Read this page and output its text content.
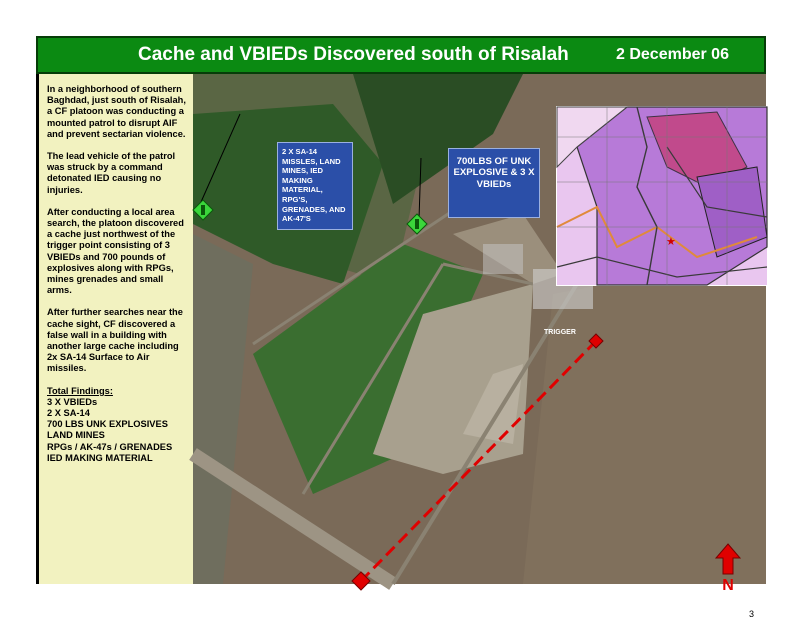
Cache and VBIEDs Discovered south of Risalah	2 December 06

In a neighborhood of southern Baghdad, just south of Risalah, a CF platoon was conducting a mounted patrol to disrupt AIF and prevent sectarian violence.

The lead vehicle of the patrol was struck by a command detonated IED causing no injuries.

After conducting a local area search, the platoon discovered a cache just northwest of the trigger point consisting of 3 VBIEDs and 700 pounds of explosives along with RPGs, mines grenades and small arms.

After further searches near the cache sight, CF discovered a false wall in a building with another large cache including 2x SA-14 Surface to Air missiles.

Total Findings:
3 X VBIEDs
2 X SA-14
700 LBS UNK EXPLOSIVES
LAND MINES
RPGs / AK-47s / GRENADES
IED MAKING MATERIAL
TRIGGER
2 X SA-14 MISSLES, LAND MINES, IED MAKING MATERIAL, RPG'S, GRENADES, AND AK-47'S
700LBS OF UNK EXPLOSIVE & 3 X VBIEDs
★
N
3
